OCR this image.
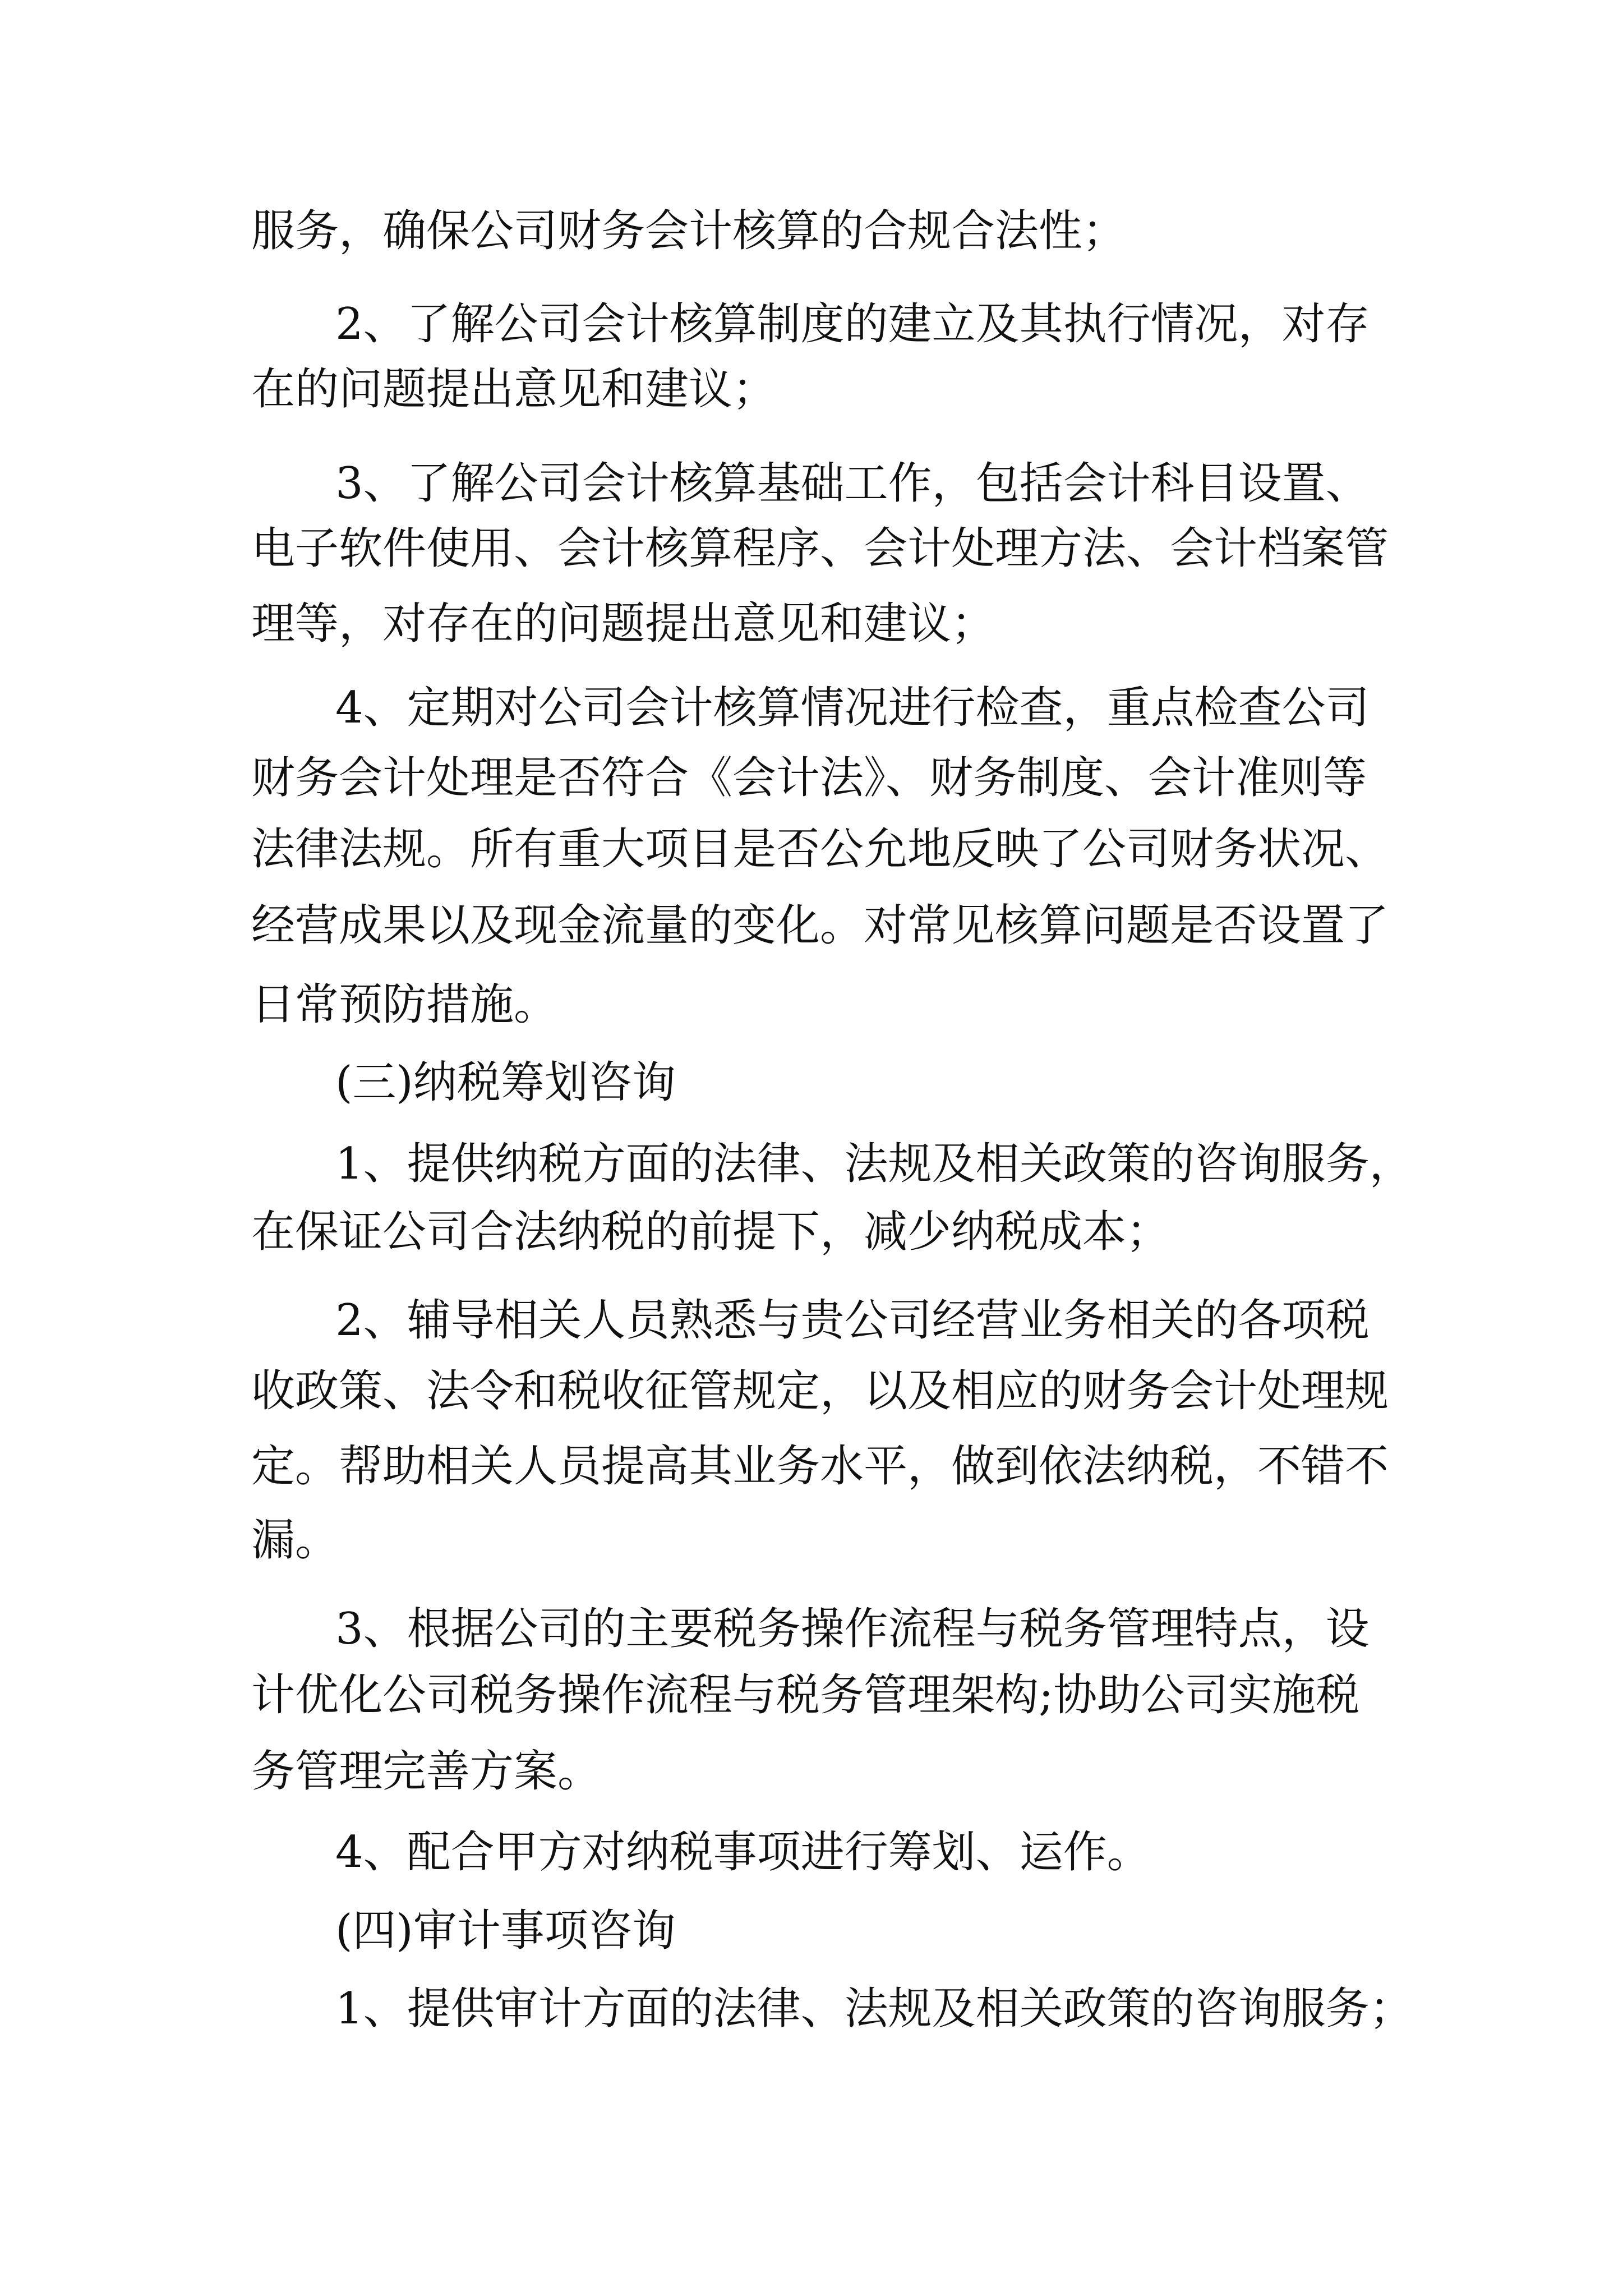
服务，确保公司财务会计核算的合规合法性；

2、了解公司会计核算制度的建立及其执行情况，对存

在的问题提出意见和建议；

3、了解公司会计核算基础工作，包括会计科目设置、

电子软件使用、会计核算程序、会计处理方法、会计档案管

理等，对存在的问题提出意见和建议；

4、定期对公司会计核算情况进行检查，重点检查公司

财务会计处理是否符合《会计法》、财务制度、会计准则等

法律法规。所有重大项目是否公允地反映了公司财务状况、

经营成果以及现金流量的变化。对常见核算问题是否设置了

日常预防措施。

(三)纳税筹划咨询

1、提供纳税方面的法律、法规及相关政策的咨询服务，

在保证公司合法纳税的前提下，减少纳税成本；

2、辅导相关人员熟悉与贵公司经营业务相关的各项税

收政策、法令和税收征管规定，以及相应的财务会计处理规

定。帮助相关人员提高其业务水平，做到依法纳税，不错不

漏。

3、根据公司的主要税务操作流程与税务管理特点，设

计优化公司税务操作流程与税务管理架构;协助公司实施税

务管理完善方案。

4、配合甲方对纳税事项进行筹划、运作。

(四)审计事项咨询

1、提供审计方面的法律、法规及相关政策的咨询服务；
